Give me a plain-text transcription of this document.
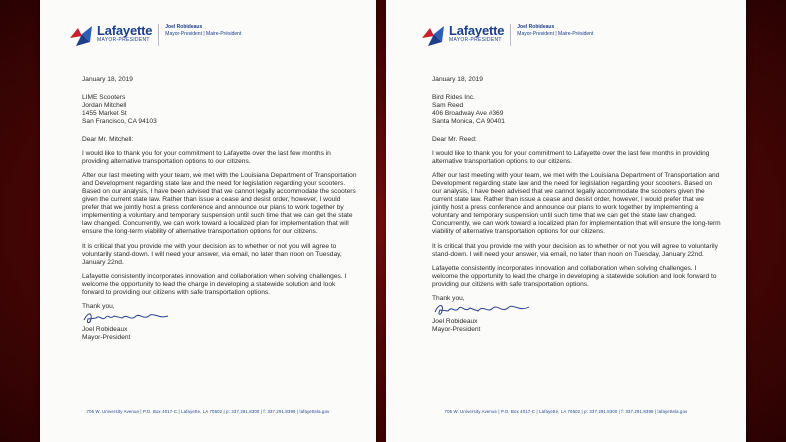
Lafayette
MAYOR-PRESIDENT
Joel Robideaux
Mayor-President | Maire-Président

January 18, 2019

LIME Scooters
Jordan Mitchell
1455 Market St
San Francisco, CA 94103

Dear Mr. Mitchell:

I would like to thank you for your commitment to Lafayette over the last few months in providing alternative transportation options to our citizens.

After our last meeting with your team, we met with the Louisiana Department of Transportation and Development regarding state law and the need for legislation regarding your scooters. Based on our analysis, I have been advised that we cannot legally accommodate the scooters given the current state law. Rather than issue a cease and desist order, however, I would prefer that we jointly host a press conference and announce our plans to work together by implementing a voluntary and temporary suspension until such time that we can get the state law changed. Concurrently, we can work toward a localized plan for implementation that will ensure the long-term viability of alternative transportation options for our citizens.

It is critical that you provide me with your decision as to whether or not you will agree to voluntarily stand-down. I will need your answer, via email, no later than noon on Tuesday, January 22nd.

Lafayette consistently incorporates innovation and collaboration when solving challenges. I welcome the opportunity to lead the charge in developing a statewide solution and look forward to providing our citizens with safe transportation options.

Thank you,

Joel Robideaux
Mayor-President
705 W. University Avenue | P.O. Box 4017-C | Lafayette, LA 70502 | p: 337.291.8300 | f: 337.291.8399 | lafayettela.gov
Lafayette
MAYOR-PRESIDENT
Joel Robideaux
Mayor-President | Maire-Président

January 18, 2019

Bird Rides Inc.
Sam Reed
406 Broadway Ave #369
Santa Monica, CA 90401

Dear Mr. Reed:

I would like to thank you for your commitment to Lafayette over the last few months in providing alternative transportation options to our citizens.

After our last meeting with your team, we met with the Louisiana Department of Transportation and Development regarding state law and the need for legislation regarding your scooters. Based on our analysis, I have been advised that we cannot legally accommodate the scooters given the current state law. Rather than issue a cease and desist order, however, I would prefer that we jointly host a press conference and announce our plans to work together by implementing a voluntary and temporary suspension until such time that we can get the state law changed. Concurrently, we can work toward a localized plan for implementation that will ensure the long-term viability of alternative transportation options for our citizens.

It is critical that you provide me with your decision as to whether or not you will agree to voluntarily stand-down. I will need your answer, via email, no later than noon on Tuesday, January 22nd.

Lafayette consistently incorporates innovation and collaboration when solving challenges. I welcome the opportunity to lead the charge in developing a statewide solution and look forward to providing our citizens with safe transportation options.

Thank you,

Joel Robideaux
Mayor-President
705 W. University Avenue | P.O. Box 4017-C | Lafayette, LA 70502 | p: 337.291.8300 | f: 337.291.8399 | lafayettela.gov
